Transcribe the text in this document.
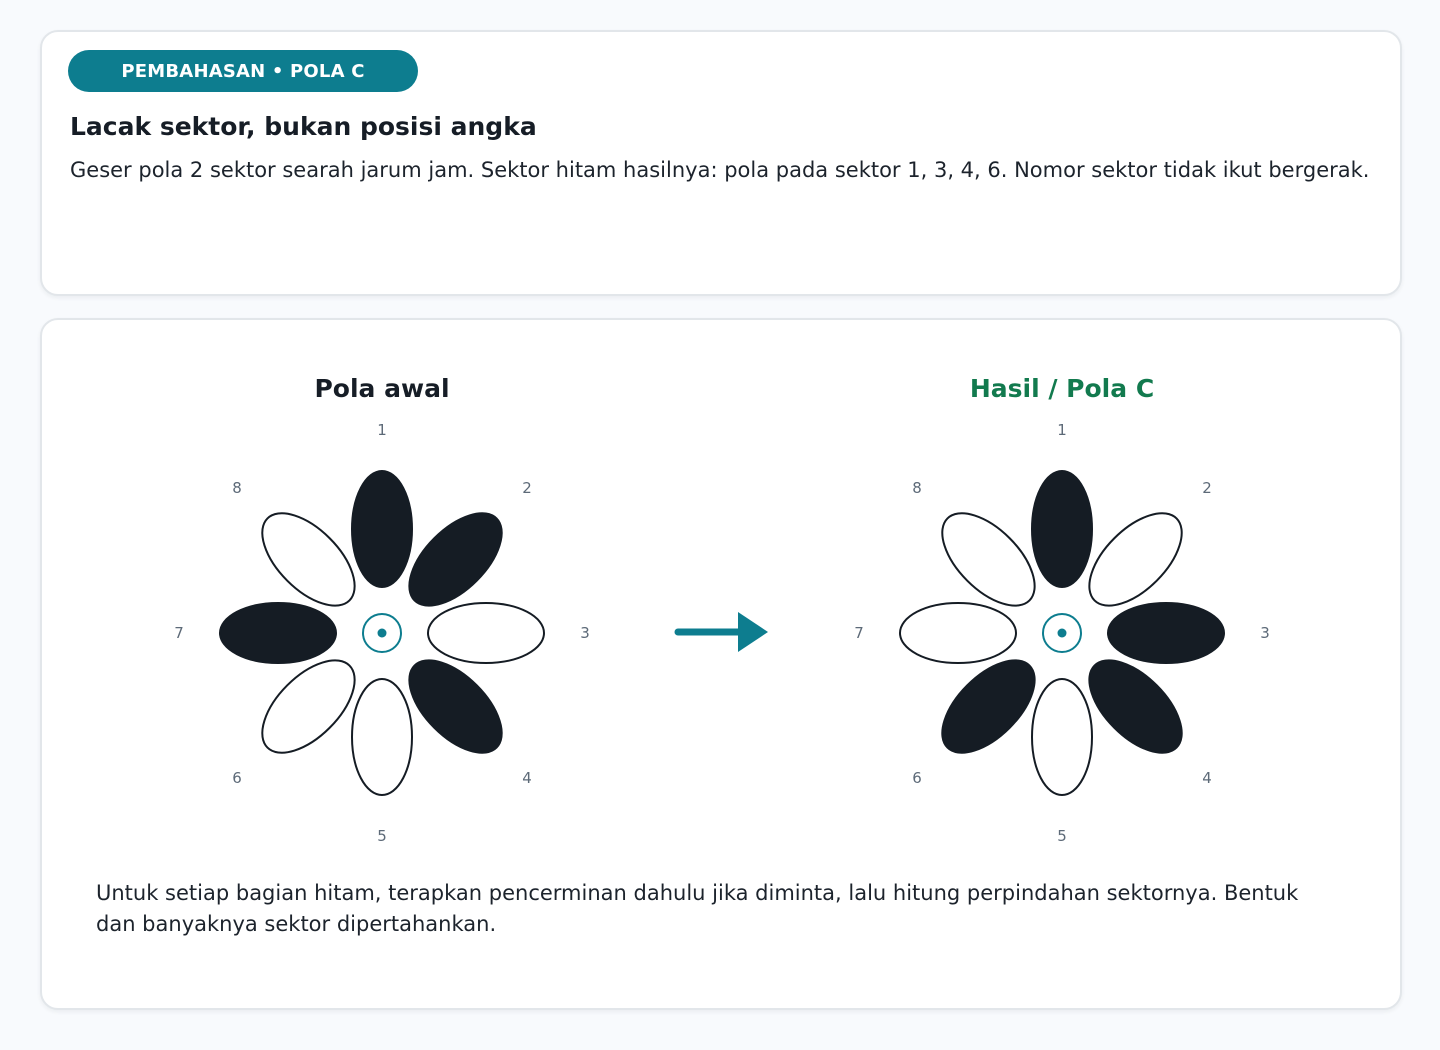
PEMBAHASAN • POLA C
Lacak sektor, bukan posisi angka
Geser pola 2 sektor searah jarum jam. Sektor hitam hasilnya: pola pada sektor 1, 3, 4, 6. Nomor sektor tidak ikut bergerak.
Pola awal
1
2
3
4
5
6
7
8
Hasil / Pola C
1
2
3
4
5
6
7
8
Untuk setiap bagian hitam, terapkan pencerminan dahulu jika diminta, lalu hitung perpindahan sektornya. Bentuk dan banyaknya sektor dipertahankan.
